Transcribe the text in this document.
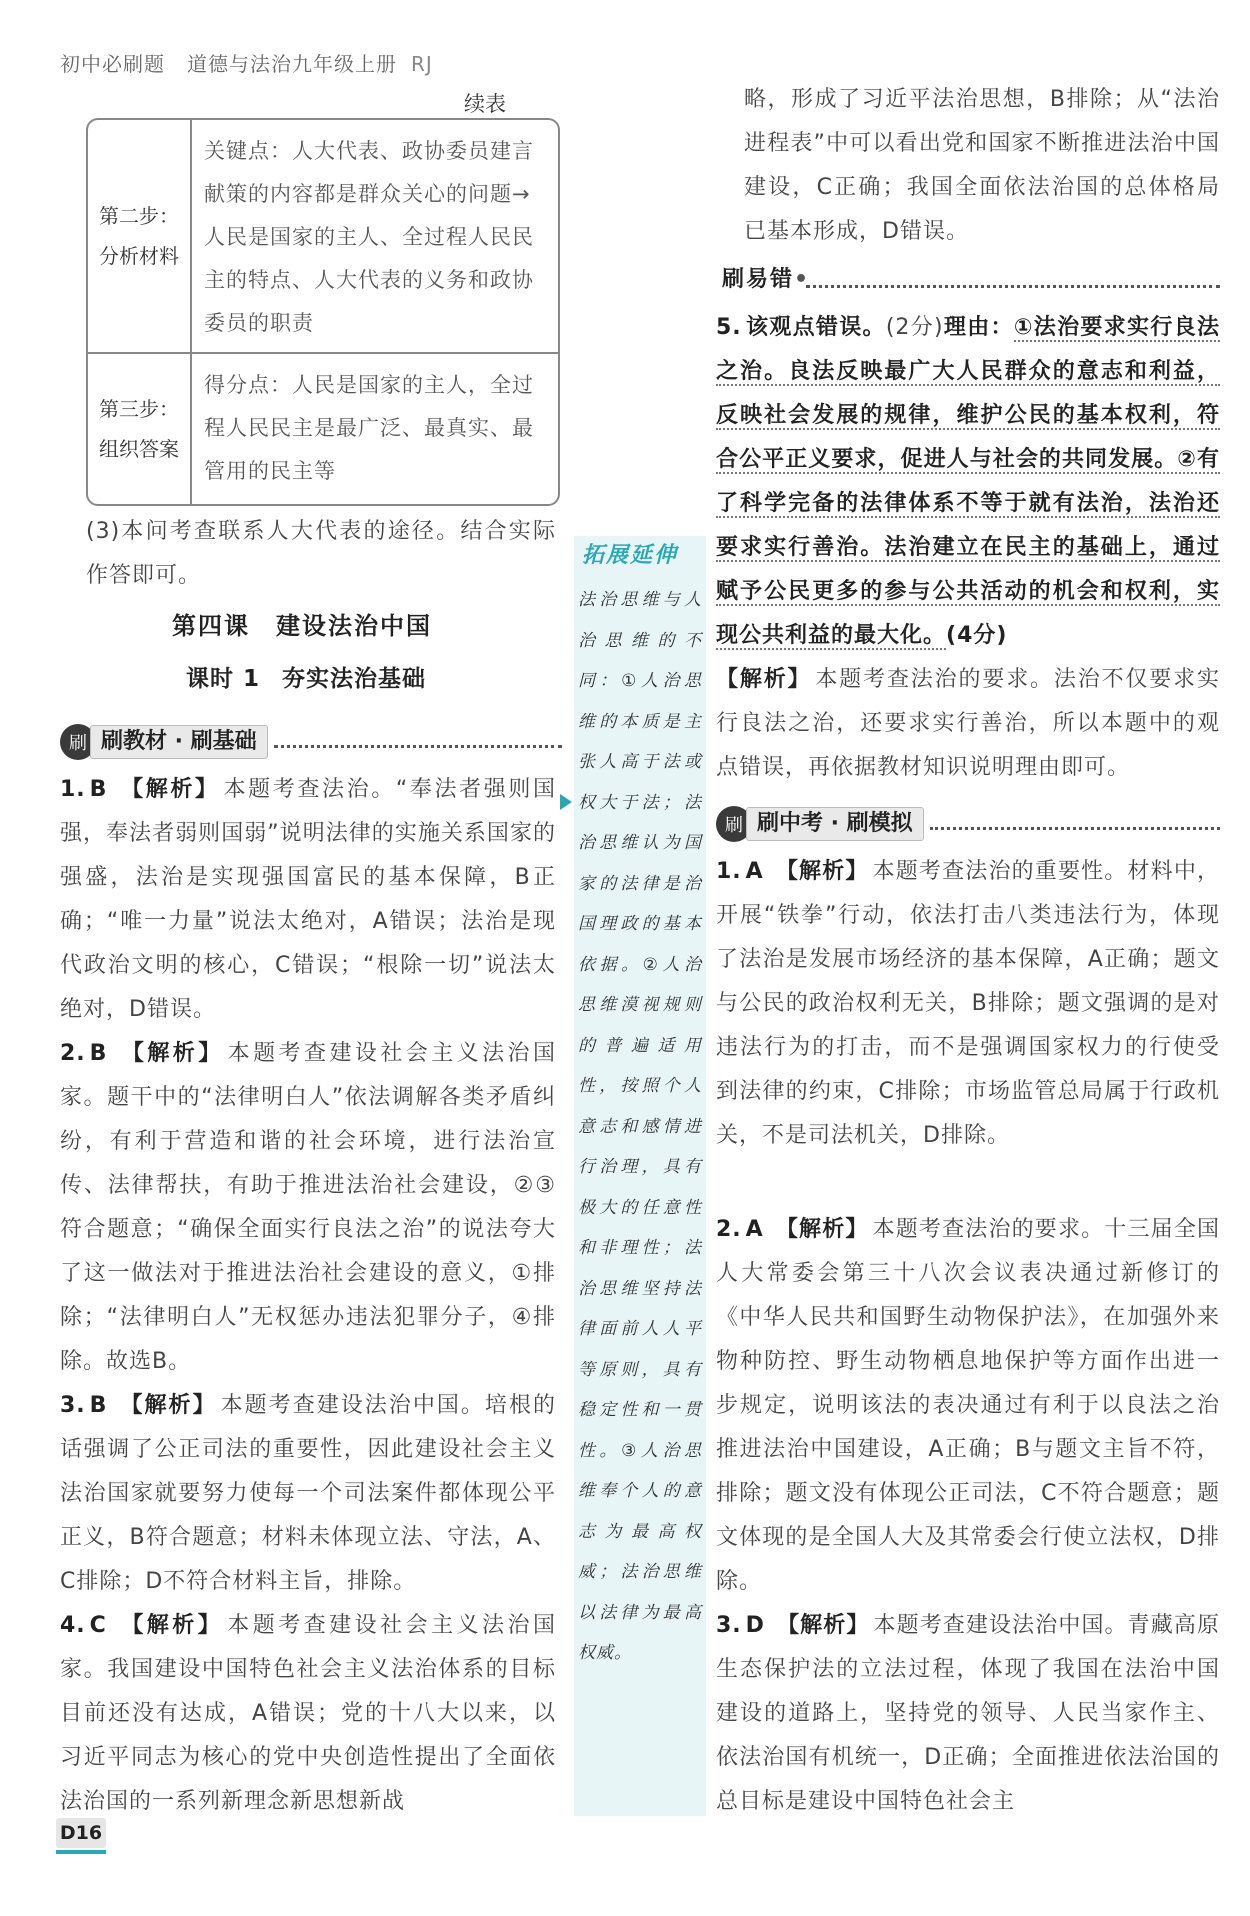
初中必刷题 道德与法治九年级上册 RJ
续表
第二步：
分析材料
关键点：人大代表、政协委员建言献策的内容都是群众关心的问题→人民是国家的主人、全过程人民民主的特点、人大代表的义务和政协委员的职责
第三步：
组织答案
得分点：人民是国家的主人，全过程人民民主是最广泛、最真实、最管用的民主等
(3)本问考查联系人大代表的途径。结合实际作答即可。
第四课 建设法治中国
课时 1 夯实法治基础
刷 刷教材 · 刷基础
1. B 【解析】 本题考查法治。“奉法者强则国强，奉法者弱则国弱”说明法律的实施关系国家的强盛，法治是实现强国富民的基本保障，B正确；“唯一力量”说法太绝对，A错误；法治是现代政治文明的核心，C错误；“根除一切”说法太绝对，D错误。
2. B 【解析】 本题考查建设社会主义法治国家。题干中的“法律明白人”依法调解各类矛盾纠纷，有利于营造和谐的社会环境，进行法治宣传、法律帮扶，有助于推进法治社会建设，②③符合题意；“确保全面实行良法之治”的说法夸大了这一做法对于推进法治社会建设的意义，①排除；“法律明白人”无权惩办违法犯罪分子，④排除。故选B。
3. B 【解析】 本题考查建设法治中国。培根的话强调了公正司法的重要性，因此建设社会主义法治国家就要努力使每一个司法案件都体现公平正义，B符合题意；材料未体现立法、守法，A、C排除；D不符合材料主旨，排除。
4. C 【解析】 本题考查建设社会主义法治国家。我国建设中国特色社会主义法治体系的目标目前还没有达成，A错误；党的十八大以来，以习近平同志为核心的党中央创造性提出了全面依法治国的一系列新理念新思想新战
拓展延伸
法治思维与人治思维的不同：①人治思维的本质是主张人高于法或权大于法；法治思维认为国家的法律是治国理政的基本依据。②人治思维漠视规则的普遍适用性，按照个人意志和感情进行治理，具有极大的任意性和非理性；法治思维坚持法律面前人人平等原则，具有稳定性和一贯性。③人治思维奉个人的意志为最高权威；法治思维以法律为最高权威。
略，形成了习近平法治思想，B排除；从“法治进程表”中可以看出党和国家不断推进法治中国建设，C正确；我国全面依法治国的总体格局已基本形成，D错误。
刷易错•
5. 该观点错误。(2分)理由：①法治要求实行良法之治。良法反映最广大人民群众的意志和利益，反映社会发展的规律，维护公民的基本权利，符合公平正义要求，促进人与社会的共同发展。②有了科学完备的法律体系不等于就有法治，法治还要求实行善治。法治建立在民主的基础上，通过赋予公民更多的参与公共活动的机会和权利，实现公共利益的最大化。(4分)
【解析】 本题考查法治的要求。法治不仅要求实行良法之治，还要求实行善治，所以本题中的观点错误，再依据教材知识说明理由即可。
刷 刷中考 · 刷模拟
1. A 【解析】 本题考查法治的重要性。材料中，开展“铁拳”行动，依法打击八类违法行为，体现了法治是发展市场经济的基本保障，A正确；题文与公民的政治权利无关，B排除；题文强调的是对违法行为的打击，而不是强调国家权力的行使受到法律的约束，C排除；市场监管总局属于行政机关，不是司法机关，D排除。
2. A 【解析】 本题考查法治的要求。十三届全国人大常委会第三十八次会议表决通过新修订的《中华人民共和国野生动物保护法》，在加强外来物种防控、野生动物栖息地保护等方面作出进一步规定，说明该法的表决通过有利于以良法之治推进法治中国建设，A正确；B与题文主旨不符，排除；题文没有体现公正司法，C不符合题意；题文体现的是全国人大及其常委会行使立法权，D排除。
3. D 【解析】 本题考查建设法治中国。青藏高原生态保护法的立法过程，体现了我国在法治中国建设的道路上，坚持党的领导、人民当家作主、依法治国有机统一，D正确；全面推进依法治国的总目标是建设中国特色社会主
D16
